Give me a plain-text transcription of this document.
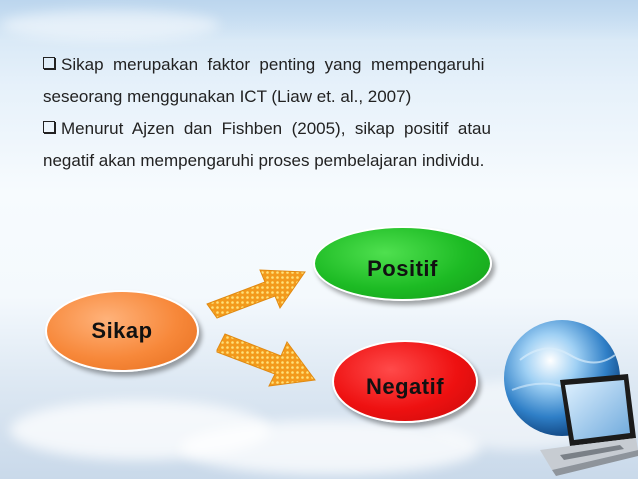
Sikap  merupakan  faktor  penting  yang  mempengaruhi
seseorang menggunakan ICT (Liaw et. al., 2007)

Menurut  Ajzen  dan  Fishben  (2005),  sikap  positif  atau
negatif akan mempengaruhi proses pembelajaran individu.

Sikap
Positif
Negatif
